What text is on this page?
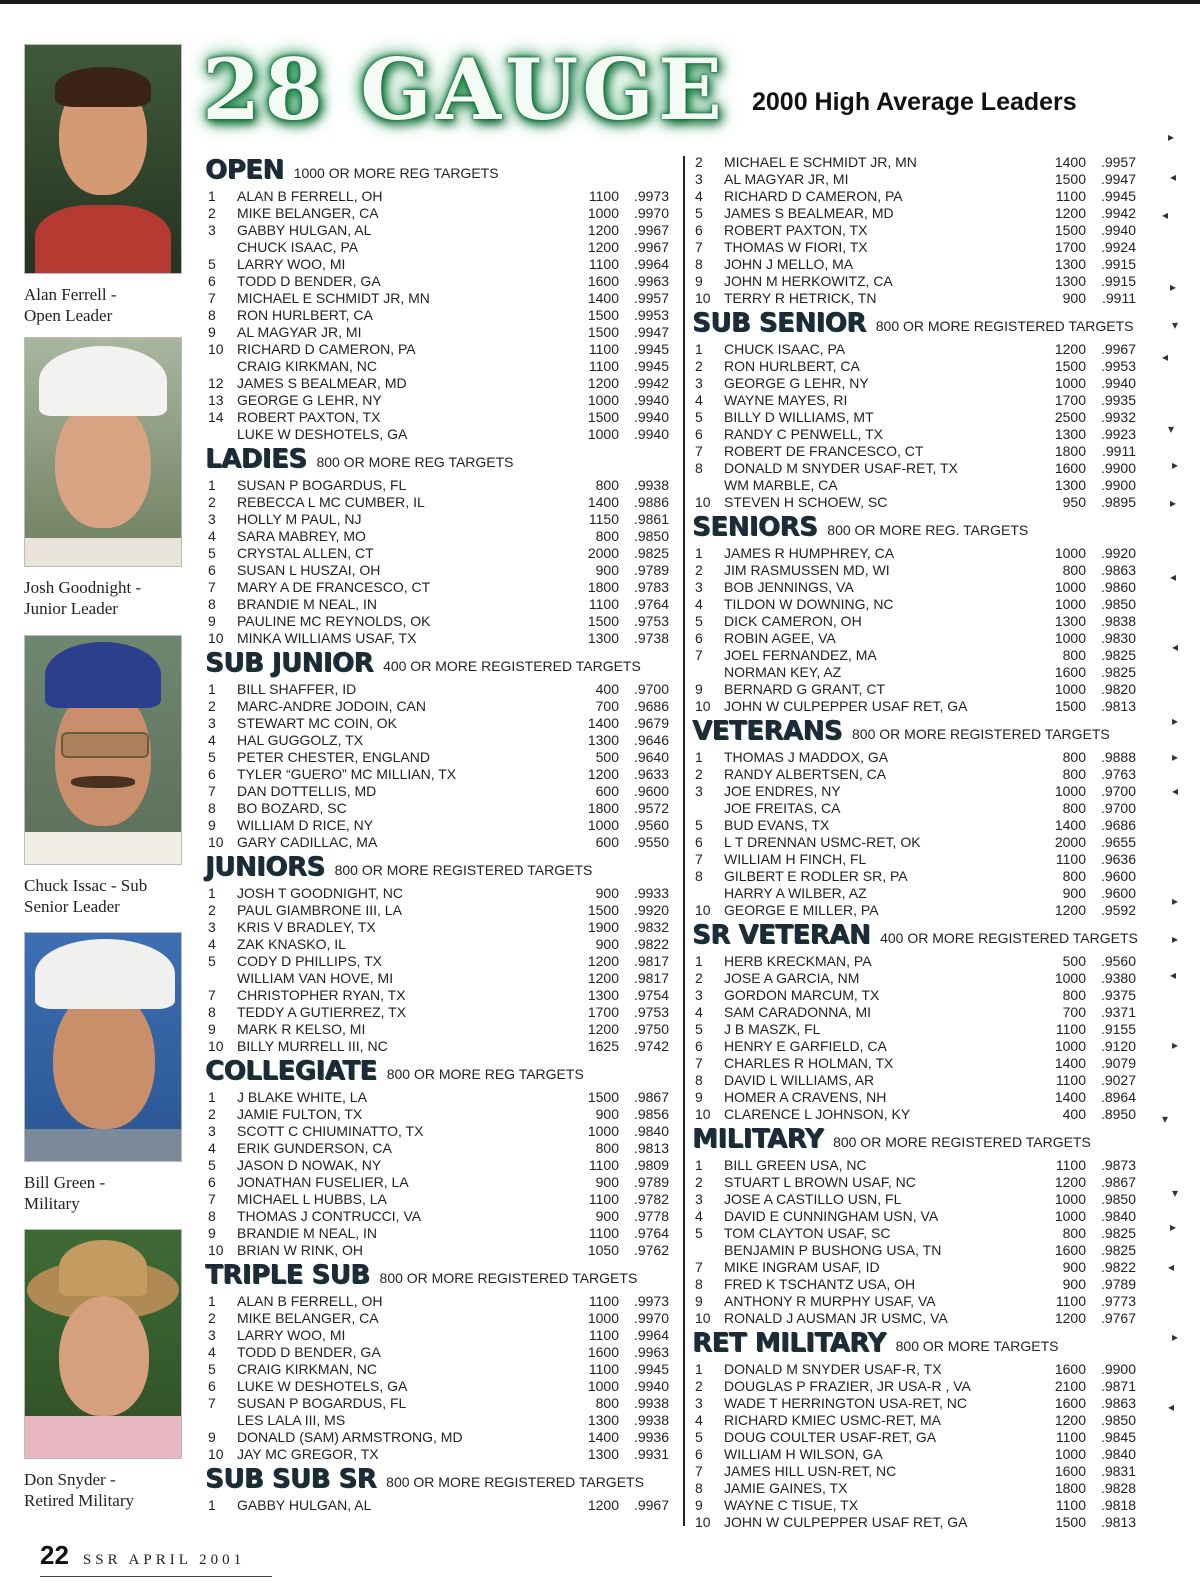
Alan Ferrell -
Open Leader
Josh Goodnight -
Junior Leader
Chuck Issac - Sub
Senior Leader
Bill Green -
Military
Don Snyder -
Retired Military
28 GAUGE 2000 High Average Leaders
OPEN 1000 OR MORE REG TARGETS
1	ALAN B FERRELL, OH	1100	.9973
2	MIKE BELANGER, CA	1000	.9970
3	GABBY HULGAN, AL	1200	.9967
CHUCK ISAAC, PA	1200	.9967
5	LARRY WOO, MI	1100	.9964
6	TODD D BENDER, GA	1600	.9963
7	MICHAEL E SCHMIDT JR, MN	1400	.9957
8	RON HURLBERT, CA	1500	.9953
9	AL MAGYAR JR, MI	1500	.9947
10 RICHARD D CAMERON, PA	1100	.9945
CRAIG KIRKMAN, NC	1100	.9945
12 JAMES S BEALMEAR, MD	1200	.9942
13 GEORGE G LEHR, NY	1000	.9940
14 ROBERT PAXTON, TX	1500	.9940
LUKE W DESHOTELS, GA	1000	.9940
LADIES 800 OR MORE REG TARGETS
1	SUSAN P BOGARDUS, FL	800	.9938
2	REBECCA L MC CUMBER, IL	1400	.9886
3	HOLLY M PAUL, NJ	1150	.9861
4	SARA MABREY, MO	800	.9850
5	CRYSTAL ALLEN, CT	2000	.9825
6	SUSAN L HUSZAI, OH	900	.9789
7	MARY A DE FRANCESCO, CT	1800	.9783
8	BRANDIE M NEAL, IN	1100	.9764
9	PAULINE MC REYNOLDS, OK	1500	.9753
10 MINKA WILLIAMS USAF, TX	1300	.9738
SUB JUNIOR 400 OR MORE REGISTERED TARGETS
1	BILL SHAFFER, ID	400	.9700
2	MARC-ANDRE JODOIN, CAN	700	.9686
3	STEWART MC COIN, OK	1400	.9679
4	HAL GUGGOLZ, TX	1300	.9646
5	PETER CHESTER, ENGLAND	500	.9640
6	TYLER “GUERO” MC MILLIAN, TX	1200	.9633
7	DAN DOTTELLIS, MD	600	.9600
8	BO BOZARD, SC	1800	.9572
9	WILLIAM D RICE, NY	1000	.9560
10 GARY CADILLAC, MA	600	.9550
JUNIORS 800 OR MORE REGISTERED TARGETS
1	JOSH T GOODNIGHT, NC	900	.9933
2	PAUL GIAMBRONE III, LA	1500	.9920
3	KRIS V BRADLEY, TX	1900	.9832
4	ZAK KNASKO, IL	900	.9822
5	CODY D PHILLIPS, TX	1200	.9817
WILLIAM VAN HOVE, MI	1200	.9817
7	CHRISTOPHER RYAN, TX	1300	.9754
8	TEDDY A GUTIERREZ, TX	1700	.9753
9	MARK R KELSO, MI	1200	.9750
10 BILLY MURRELL III, NC	1625	.9742
COLLEGIATE 800 OR MORE REG TARGETS
1	J BLAKE WHITE, LA	1500	.9867
2	JAMIE FULTON, TX	900	.9856
3	SCOTT C CHIUMINATTO, TX	1000	.9840
4	ERIK GUNDERSON, CA	800	.9813
5	JASON D NOWAK, NY	1100	.9809
6	JONATHAN FUSELIER, LA	900	.9789
7	MICHAEL L HUBBS, LA	1100	.9782
8	THOMAS J CONTRUCCI, VA	900	.9778
9	BRANDIE M NEAL, IN	1100	.9764
10 BRIAN W RINK, OH	1050	.9762
TRIPLE SUB 800 OR MORE REGISTERED TARGETS
1	ALAN B FERRELL, OH	1100	.9973
2	MIKE BELANGER, CA	1000	.9970
3	LARRY WOO, MI	1100	.9964
4	TODD D BENDER, GA	1600	.9963
5	CRAIG KIRKMAN, NC	1100	.9945
6	LUKE W DESHOTELS, GA	1000	.9940
7	SUSAN P BOGARDUS, FL	800	.9938
LES LALA III, MS	1300	.9938
9	DONALD (SAM) ARMSTRONG, MD	1400	.9936
10 JAY MC GREGOR, TX	1300	.9931
SUB SUB SR 800 OR MORE REGISTERED TARGETS
1	GABBY HULGAN, AL	1200	.9967
2	MICHAEL E SCHMIDT JR, MN	1400	.9957
3	AL MAGYAR JR, MI	1500	.9947
4	RICHARD D CAMERON, PA	1100	.9945
5	JAMES S BEALMEAR, MD	1200	.9942
6	ROBERT PAXTON, TX	1500	.9940
7	THOMAS W FIORI, TX	1700	.9924
8	JOHN J MELLO, MA	1300	.9915
9	JOHN M HERKOWITZ, CA	1300	.9915
10 TERRY R HETRICK, TN	900	.9911
SUB SENIOR 800 OR MORE REGISTERED TARGETS
1	CHUCK ISAAC, PA	1200	.9967
2	RON HURLBERT, CA	1500	.9953
3	GEORGE G LEHR, NY	1000	.9940
4	WAYNE MAYES, RI	1700	.9935
5	BILLY D WILLIAMS, MT	2500	.9932
6	RANDY C PENWELL, TX	1300	.9923
7	ROBERT DE FRANCESCO, CT	1800	.9911
8	DONALD M SNYDER USAF-RET, TX	1600	.9900
WM MARBLE, CA	1300	.9900
10 STEVEN H SCHOEW, SC	950	.9895
SENIORS 800 OR MORE REG. TARGETS
1	JAMES R HUMPHREY, CA	1000	.9920
2	JIM RASMUSSEN MD, WI	800	.9863
3	BOB JENNINGS, VA	1000	.9860
4	TILDON W DOWNING, NC	1000	.9850
5	DICK CAMERON, OH	1300	.9838
6	ROBIN AGEE, VA	1000	.9830
7	JOEL FERNANDEZ, MA	800	.9825
NORMAN KEY, AZ	1600	.9825
9	BERNARD G GRANT, CT	1000	.9820
10 JOHN W CULPEPPER USAF RET, GA	1500	.9813
VETERANS 800 OR MORE REGISTERED TARGETS
1	THOMAS J MADDOX, GA	800	.9888
2	RANDY ALBERTSEN, CA	800	.9763
3	JOE ENDRES, NY	1000	.9700
JOE FREITAS, CA	800	.9700
5	BUD EVANS, TX	1400	.9686
6	L T DRENNAN USMC-RET, OK	2000	.9655
7	WILLIAM H FINCH, FL	1100	.9636
8	GILBERT E RODLER SR, PA	800	.9600
HARRY A WILBER, AZ	900	.9600
10 GEORGE E MILLER, PA	1200	.9592
SR VETERAN 400 OR MORE REGISTERED TARGETS
1	HERB KRECKMAN, PA	500	.9560
2	JOSE A GARCIA, NM	1000	.9380
3	GORDON MARCUM, TX	800	.9375
4	SAM CARADONNA, MI	700	.9371
5	J B MASZK, FL	1100	.9155
6	HENRY E GARFIELD, CA	1000	.9120
7	CHARLES R HOLMAN, TX	1400	.9079
8	DAVID L WILLIAMS, AR	1100	.9027
9	HOMER A CRAVENS, NH	1400	.8964
10 CLARENCE L JOHNSON, KY	400	.8950
MILITARY 800 OR MORE REGISTERED TARGETS
1	BILL GREEN USA, NC	1100	.9873
2	STUART L BROWN USAF, NC	1200	.9867
3	JOSE A CASTILLO USN, FL	1000	.9850
4	DAVID E CUNNINGHAM USN, VA	1000	.9840
5	TOM CLAYTON USAF, SC	800	.9825
BENJAMIN P BUSHONG USA, TN	1600	.9825
7	MIKE INGRAM USAF, ID	900	.9822
8	FRED K TSCHANTZ USA, OH	900	.9789
9	ANTHONY R MURPHY USAF, VA	1100	.9773
10 RONALD J AUSMAN JR USMC, VA	1200	.9767
RET MILITARY 800 OR MORE TARGETS
1	DONALD M SNYDER USAF-R, TX	1600	.9900
2	DOUGLAS P FRAZIER, JR USA-R , VA	2100	.9871
3	WADE T HERRINGTON USA-RET, NC	1600	.9863
4	RICHARD KMIEC USMC-RET, MA	1200	.9850
5	DOUG COULTER USAF-RET, GA	1100	.9845
6	WILLIAM H WILSON, GA	1000	.9840
7	JAMES HILL USN-RET, NC	1600	.9831
8	JAMIE GAINES, TX	1800	.9828
9	WAYNE C TISUE, TX	1100	.9818
10 JOHN W CULPEPPER USAF RET, GA	1500	.9813
▸
◂
◂
▸
▾
◂
▾
▸
▸
◂
◂
▸
▸
◂
▸
▸
◂
▸
▾
▾
▸
◂
▸
◂
22 SSR APRIL 2001
